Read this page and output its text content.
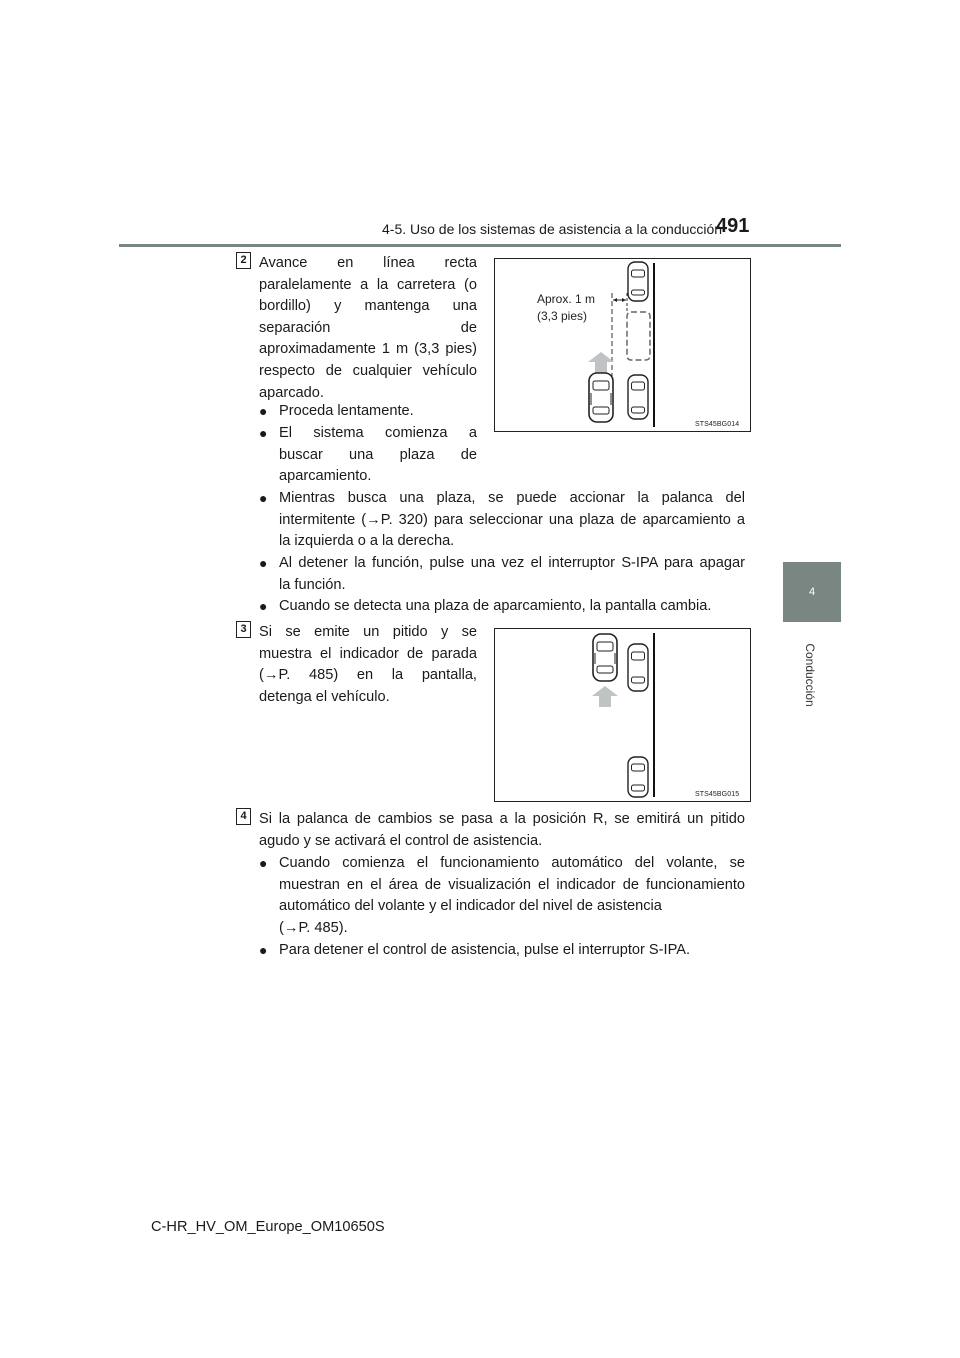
4-5. Uso de los sistemas de asistencia a la conducción
491
4
Conducción
2 Avance en línea recta
paralelamente a la carretera (o
bordillo) y mantenga una
separación de
aproximadamente 1 m (3,3 pies)
respecto de cualquier vehículo
aparcado.
● Proceda lentamente.
● El sistema comienza a
buscar una plaza de
aparcamiento.
● Mientras busca una plaza, se puede accionar la palanca del
intermitente (→P. 320) para seleccionar una plaza de aparcamiento a
la izquierda o a la derecha.
● Al detener la función, pulse una vez el interruptor S-IPA para apagar
la función.
● Cuando se detecta una plaza de aparcamiento, la pantalla cambia.
Aprox. 1 m
(3,3 pies)
STS45BG014
3 Si se emite un pitido y se
muestra el indicador de parada
(→P. 485) en la pantalla,
detenga el vehículo.
STS45BG015
4 Si la palanca de cambios se pasa a la posición R, se emitirá un pitido
agudo y se activará el control de asistencia.
● Cuando comienza el funcionamiento automático del volante, se
muestran en el área de visualización el indicador de funcionamiento
automático del volante y el indicador del nivel de asistencia
(→P. 485).
● Para detener el control de asistencia, pulse el interruptor S-IPA.
C-HR_HV_OM_Europe_OM10650S
